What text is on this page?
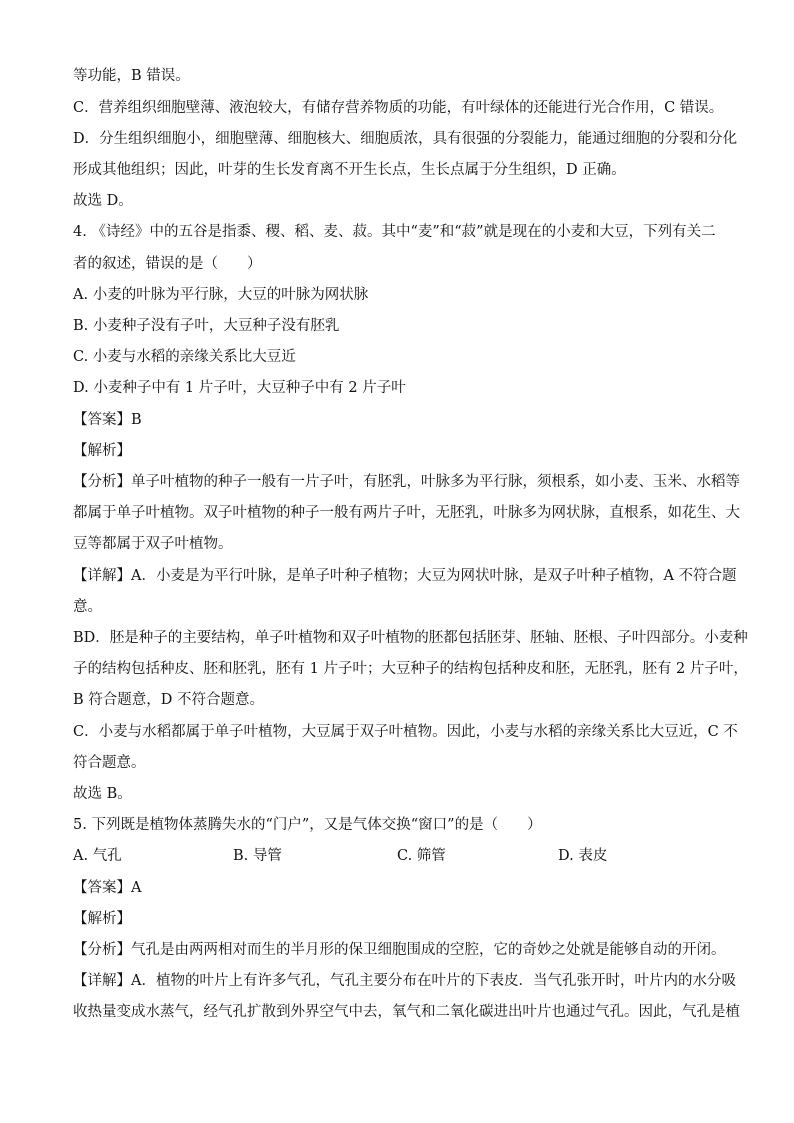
等功能，B 错误。
C．营养组织细胞壁薄、液泡较大，有储存营养物质的功能，有叶绿体的还能进行光合作用，C 错误。
D．分生组织细胞小，细胞壁薄、细胞核大、细胞质浓，具有很强的分裂能力，能通过细胞的分裂和分化
形成其他组织；因此，叶芽的生长发育离不开生长点，生长点属于分生组织，D 正确。
故选 D。
4. 《诗经》中的五谷是指黍、稷、稻、麦、菽。其中“麦”和“菽”就是现在的小麦和大豆，下列有关二
者的叙述，错误的是（　　）
A. 小麦的叶脉为平行脉，大豆的叶脉为网状脉
B. 小麦种子没有子叶，大豆种子没有胚乳
C. 小麦与水稻的亲缘关系比大豆近
D. 小麦种子中有 1 片子叶，大豆种子中有 2 片子叶
【答案】B
【解析】
【分析】单子叶植物的种子一般有一片子叶，有胚乳，叶脉多为平行脉，须根系，如小麦、玉米、水稻等
都属于单子叶植物。双子叶植物的种子一般有两片子叶，无胚乳，叶脉多为网状脉，直根系，如花生、大
豆等都属于双子叶植物。
【详解】A．小麦是为平行叶脉，是单子叶种子植物；大豆为网状叶脉，是双子叶种子植物，A 不符合题
意。
BD．胚是种子的主要结构，单子叶植物和双子叶植物的胚都包括胚芽、胚轴、胚根、子叶四部分。小麦种
子的结构包括种皮、胚和胚乳，胚有 1 片子叶；大豆种子的结构包括种皮和胚，无胚乳，胚有 2 片子叶，
B 符合题意，D 不符合题意。
C．小麦与水稻都属于单子叶植物，大豆属于双子叶植物。因此，小麦与水稻的亲缘关系比大豆近，C 不
符合题意。
故选 B。
5. 下列既是植物体蒸腾失水的“门户”，又是气体交换“窗口”的是（　　）
A. 气孔	B. 导管	C. 筛管	D. 表皮
【答案】A
【解析】
【分析】气孔是由两两相对而生的半月形的保卫细胞围成的空腔，它的奇妙之处就是能够自动的开闭。
【详解】A．植物的叶片上有许多气孔，气孔主要分布在叶片的下表皮．当气孔张开时，叶片内的水分吸
收热量变成水蒸气，经气孔扩散到外界空气中去，氧气和二氧化碳进出叶片也通过气孔。因此，气孔是植
